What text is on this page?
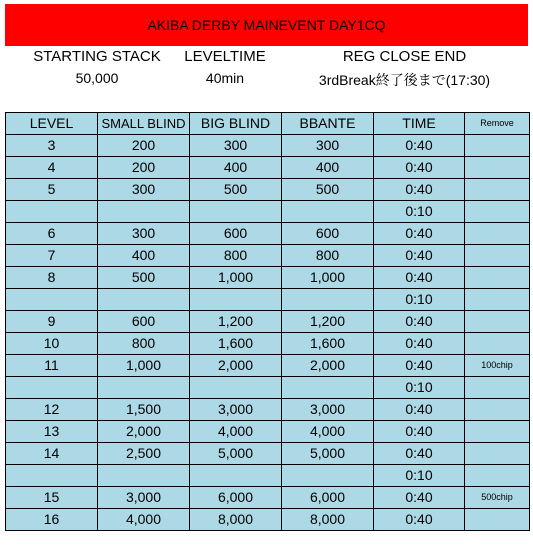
AKIBA DERBY MAINEVENT DAY1CQ
STARTING STACK
50,000
LEVELTIME
40min
REG CLOSE END
3rdBreak終了後まで(17:30)
LEVEL	SMALL BLIND	BIG BLIND	BBANTE	TIME	Remove
3	200	300	300	0:40	
4	200	400	400	0:40	
5	300	500	500	0:40	
				0:10	
6	300	600	600	0:40	
7	400	800	800	0:40	
8	500	1,000	1,000	0:40	
				0:10	
9	600	1,200	1,200	0:40	
10	800	1,600	1,600	0:40	
11	1,000	2,000	2,000	0:40	100chip
				0:10	
12	1,500	3,000	3,000	0:40	
13	2,000	4,000	4,000	0:40	
14	2,500	5,000	5,000	0:40	
				0:10	
15	3,000	6,000	6,000	0:40	500chip
16	4,000	8,000	8,000	0:40	
